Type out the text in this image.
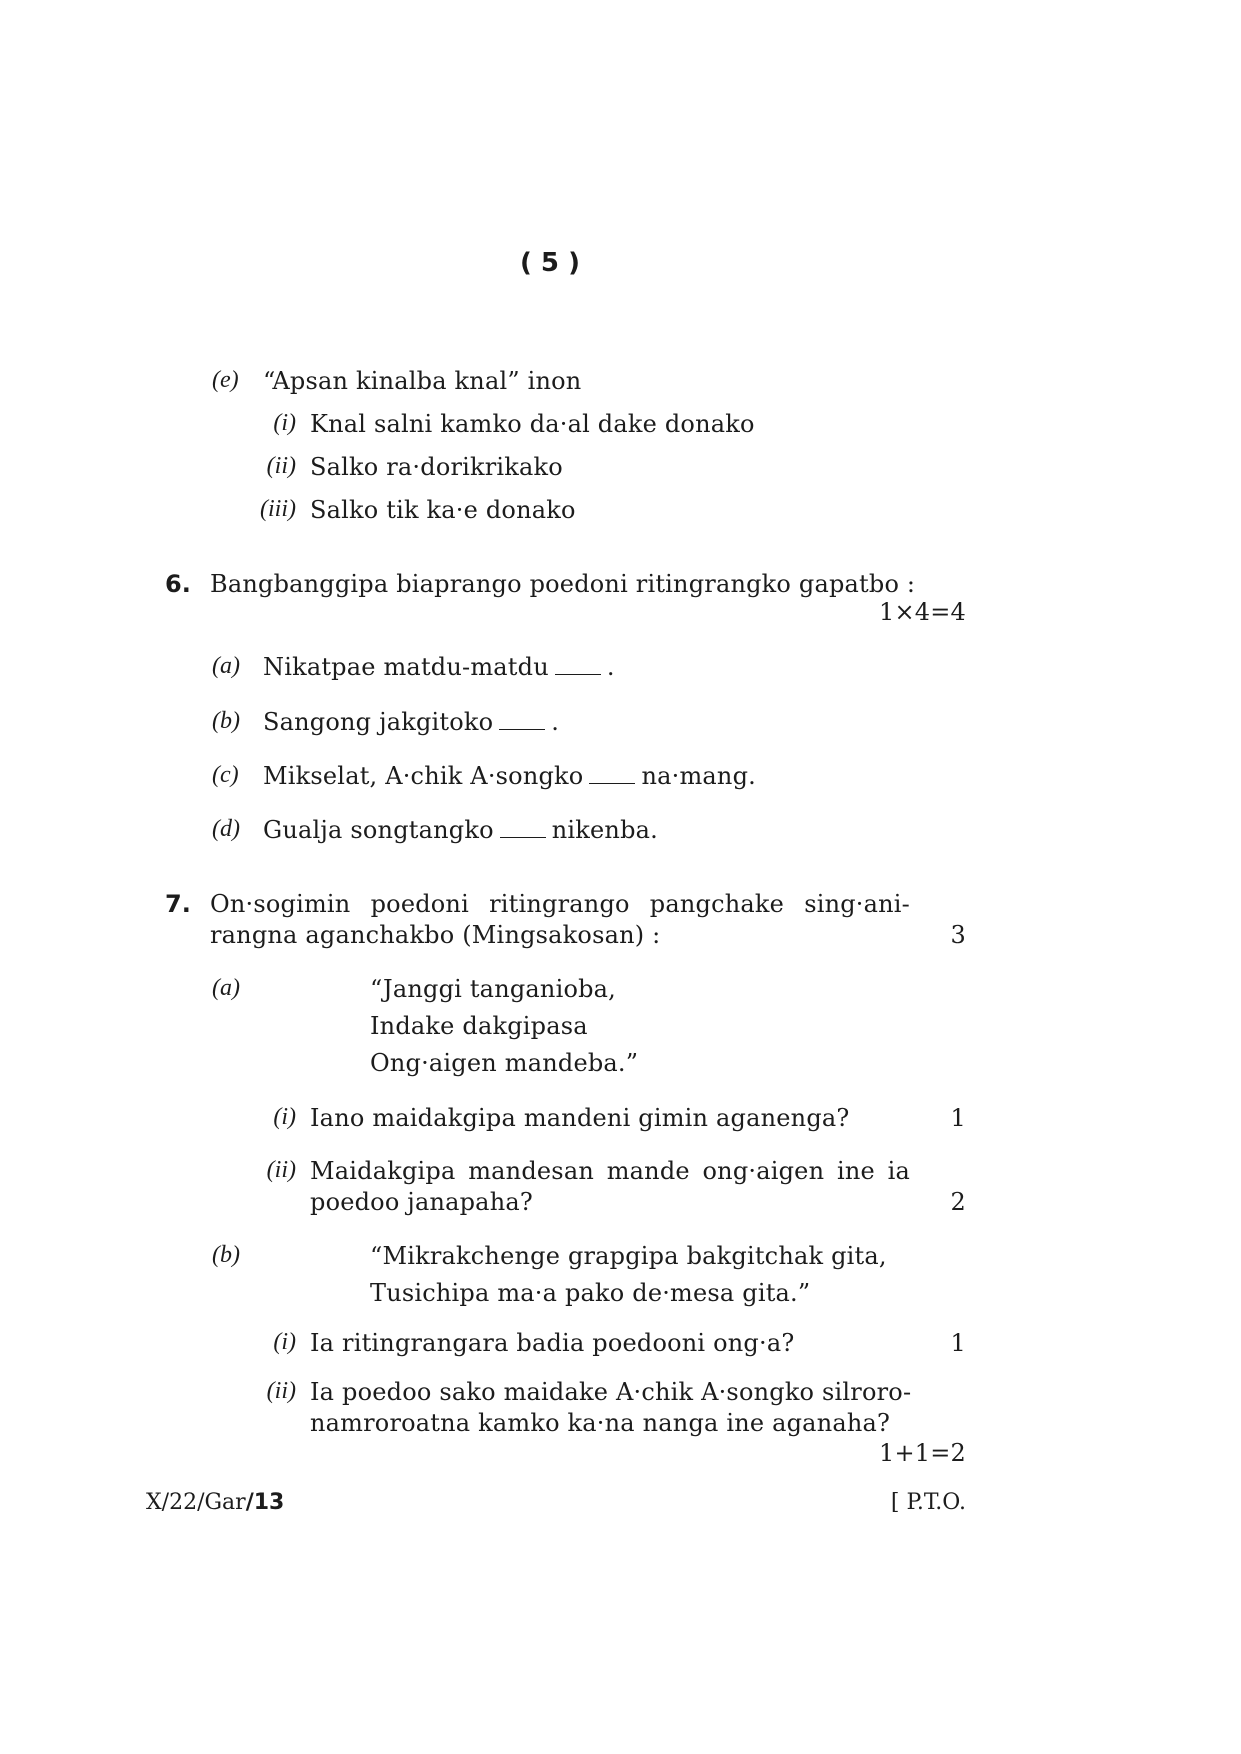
( 5 )
(e) “Apsan kinalba knal” inon
(i) Knal salni kamko da·al dake donako
(ii) Salko ra·dorikrikako
(iii) Salko tik ka·e donako
6. Bangbanggipa biaprango poedoni ritingrangko gapatbo :
1×4=4
(a) Nikatpae matdu-matdu .
(b) Sangong jakgitoko .
(c) Mikselat, A·chik A·songko na·mang.
(d) Gualja songtangko nikenba.
7. On·sogimin poedoni ritingrango pangchake sing·ani-
rangna aganchakbo (Mingsakosan) :	3
(a)	“Janggi tanganioba,
Indake dakgipasa
Ong·aigen mandeba.”
(i) Iano maidakgipa mandeni gimin aganenga?	1
(ii) Maidakgipa mandesan mande ong·aigen ine ia
poedoo janapaha?	2
(b)	“Mikrakchenge grapgipa bakgitchak gita,
Tusichipa ma·a pako de·mesa gita.”
(i) Ia ritingrangara badia poedooni ong·a?	1
(ii) Ia poedoo sako maidake A·chik A·songko silroro-
namroroatna kamko ka·na nanga ine aganaha?
1+1=2
X/22/Gar/13	[ P.T.O.
